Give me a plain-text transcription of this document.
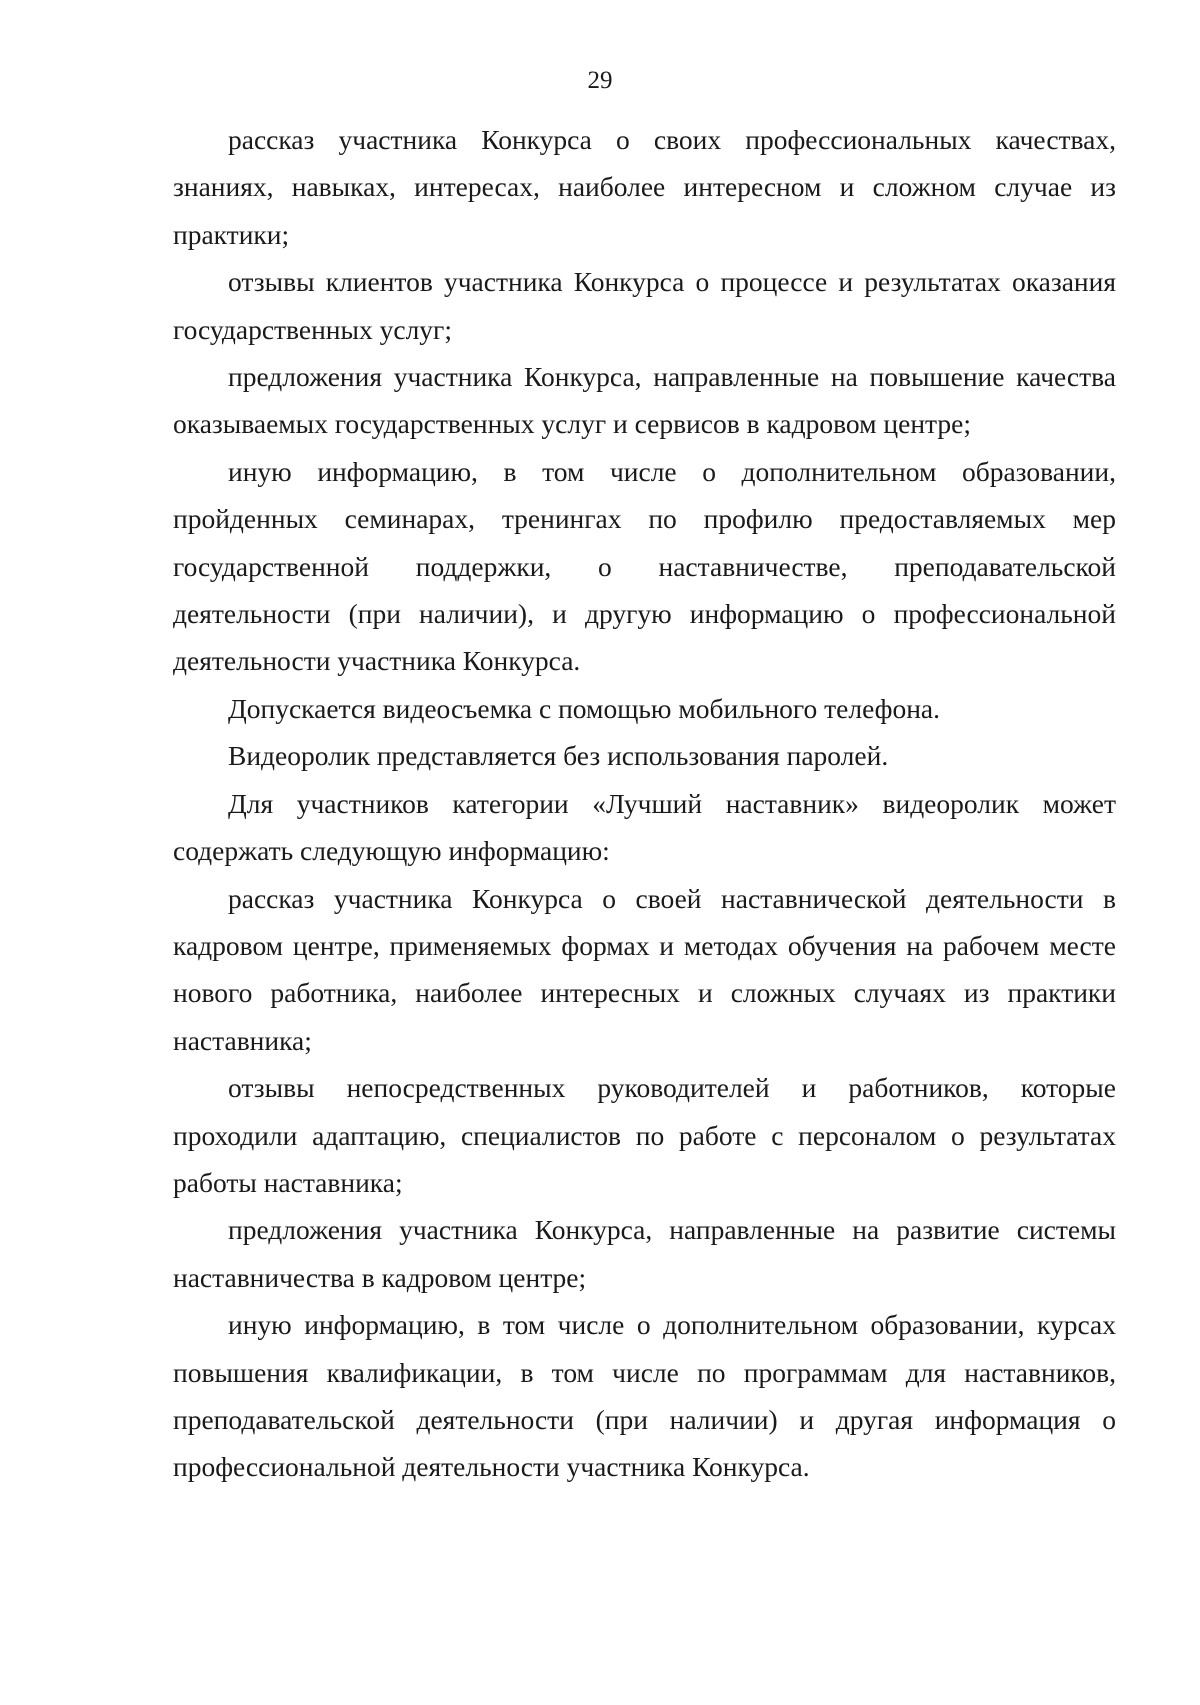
29

рассказ участника Конкурса о своих профессиональных качествах, знаниях, навыках, интересах, наиболее интересном и сложном случае из практики;

отзывы клиентов участника Конкурса о процессе и результатах оказания государственных услуг;

предложения участника Конкурса, направленные на повышение качества оказываемых государственных услуг и сервисов в кадровом центре;

иную информацию, в том числе о дополнительном образовании, пройденных семинарах, тренингах по профилю предоставляемых мер государственной поддержки, о наставничестве, преподавательской деятельности (при наличии), и другую информацию о профессиональной деятельности участника Конкурса.

Допускается видеосъемка с помощью мобильного телефона.

Видеоролик представляется без использования паролей.

Для участников категории «Лучший наставник» видеоролик может содержать следующую информацию:

рассказ участника Конкурса о своей наставнической деятельности в кадровом центре, применяемых формах и методах обучения на рабочем месте нового работника, наиболее интересных и сложных случаях из практики наставника;

отзывы непосредственных руководителей и работников, которые проходили адаптацию, специалистов по работе с персоналом о результатах работы наставника;

предложения участника Конкурса, направленные на развитие системы наставничества в кадровом центре;

иную информацию, в том числе о дополнительном образовании, курсах повышения квалификации, в том числе по программам для наставников, преподавательской деятельности (при наличии) и другая информация о профессиональной деятельности участника Конкурса.
